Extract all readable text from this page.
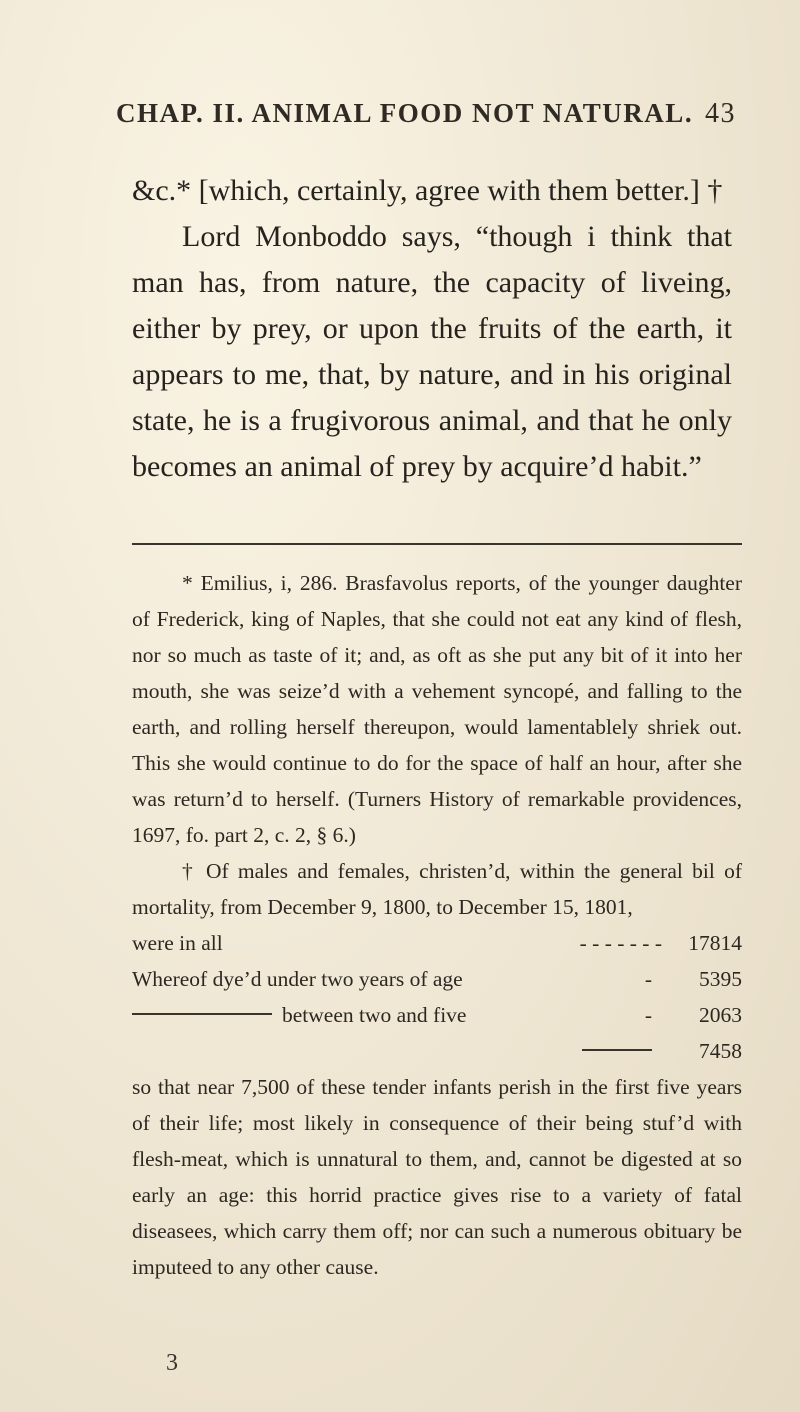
CHAP. II. ANIMAL FOOD NOT NATURAL. 43

&c.* [which, certainly, agree with them better.] †

Lord Monboddo says, “though i think that man has, from nature, the capacity of liveing, either by prey, or upon the fruits of the earth, it appears to me, that, by nature, and in his original state, he is a frugivorous animal, and that he only becomes an animal of prey by acquire’d habit.”

* Emilius, i, 286. Brasfavolus reports, of the younger daughter of Frederick, king of Naples, that she could not eat any kind of flesh, nor so much as taste of it; and, as oft as she put any bit of it into her mouth, she was seize’d with a vehement syncopé, and falling to the earth, and rolling herself thereupon, would lamentablely shriek out. This she would continue to do for the space of half an hour, after she was return’d to herself. (Turners History of remarkable providences, 1697, fo. part 2, c. 2, § 6.)

† Of males and females, christen’d, within the general bil of mortality, from December 9, 1800, to December 15, 1801,

were in all	- - - - - - -	17814
Whereof dye’d under two years of age	-	5395
between two and five	-	2063
7458

so that near 7,500 of these tender infants perish in the first five years of their life; most likely in consequence of their being stuf’d with flesh-meat, which is unnatural to them, and, cannot be digested at so early an age: this horrid practice gives rise to a variety of fatal diseasees, which carry them off; nor can such a numerous obituary be imputeed to any other cause.

3
